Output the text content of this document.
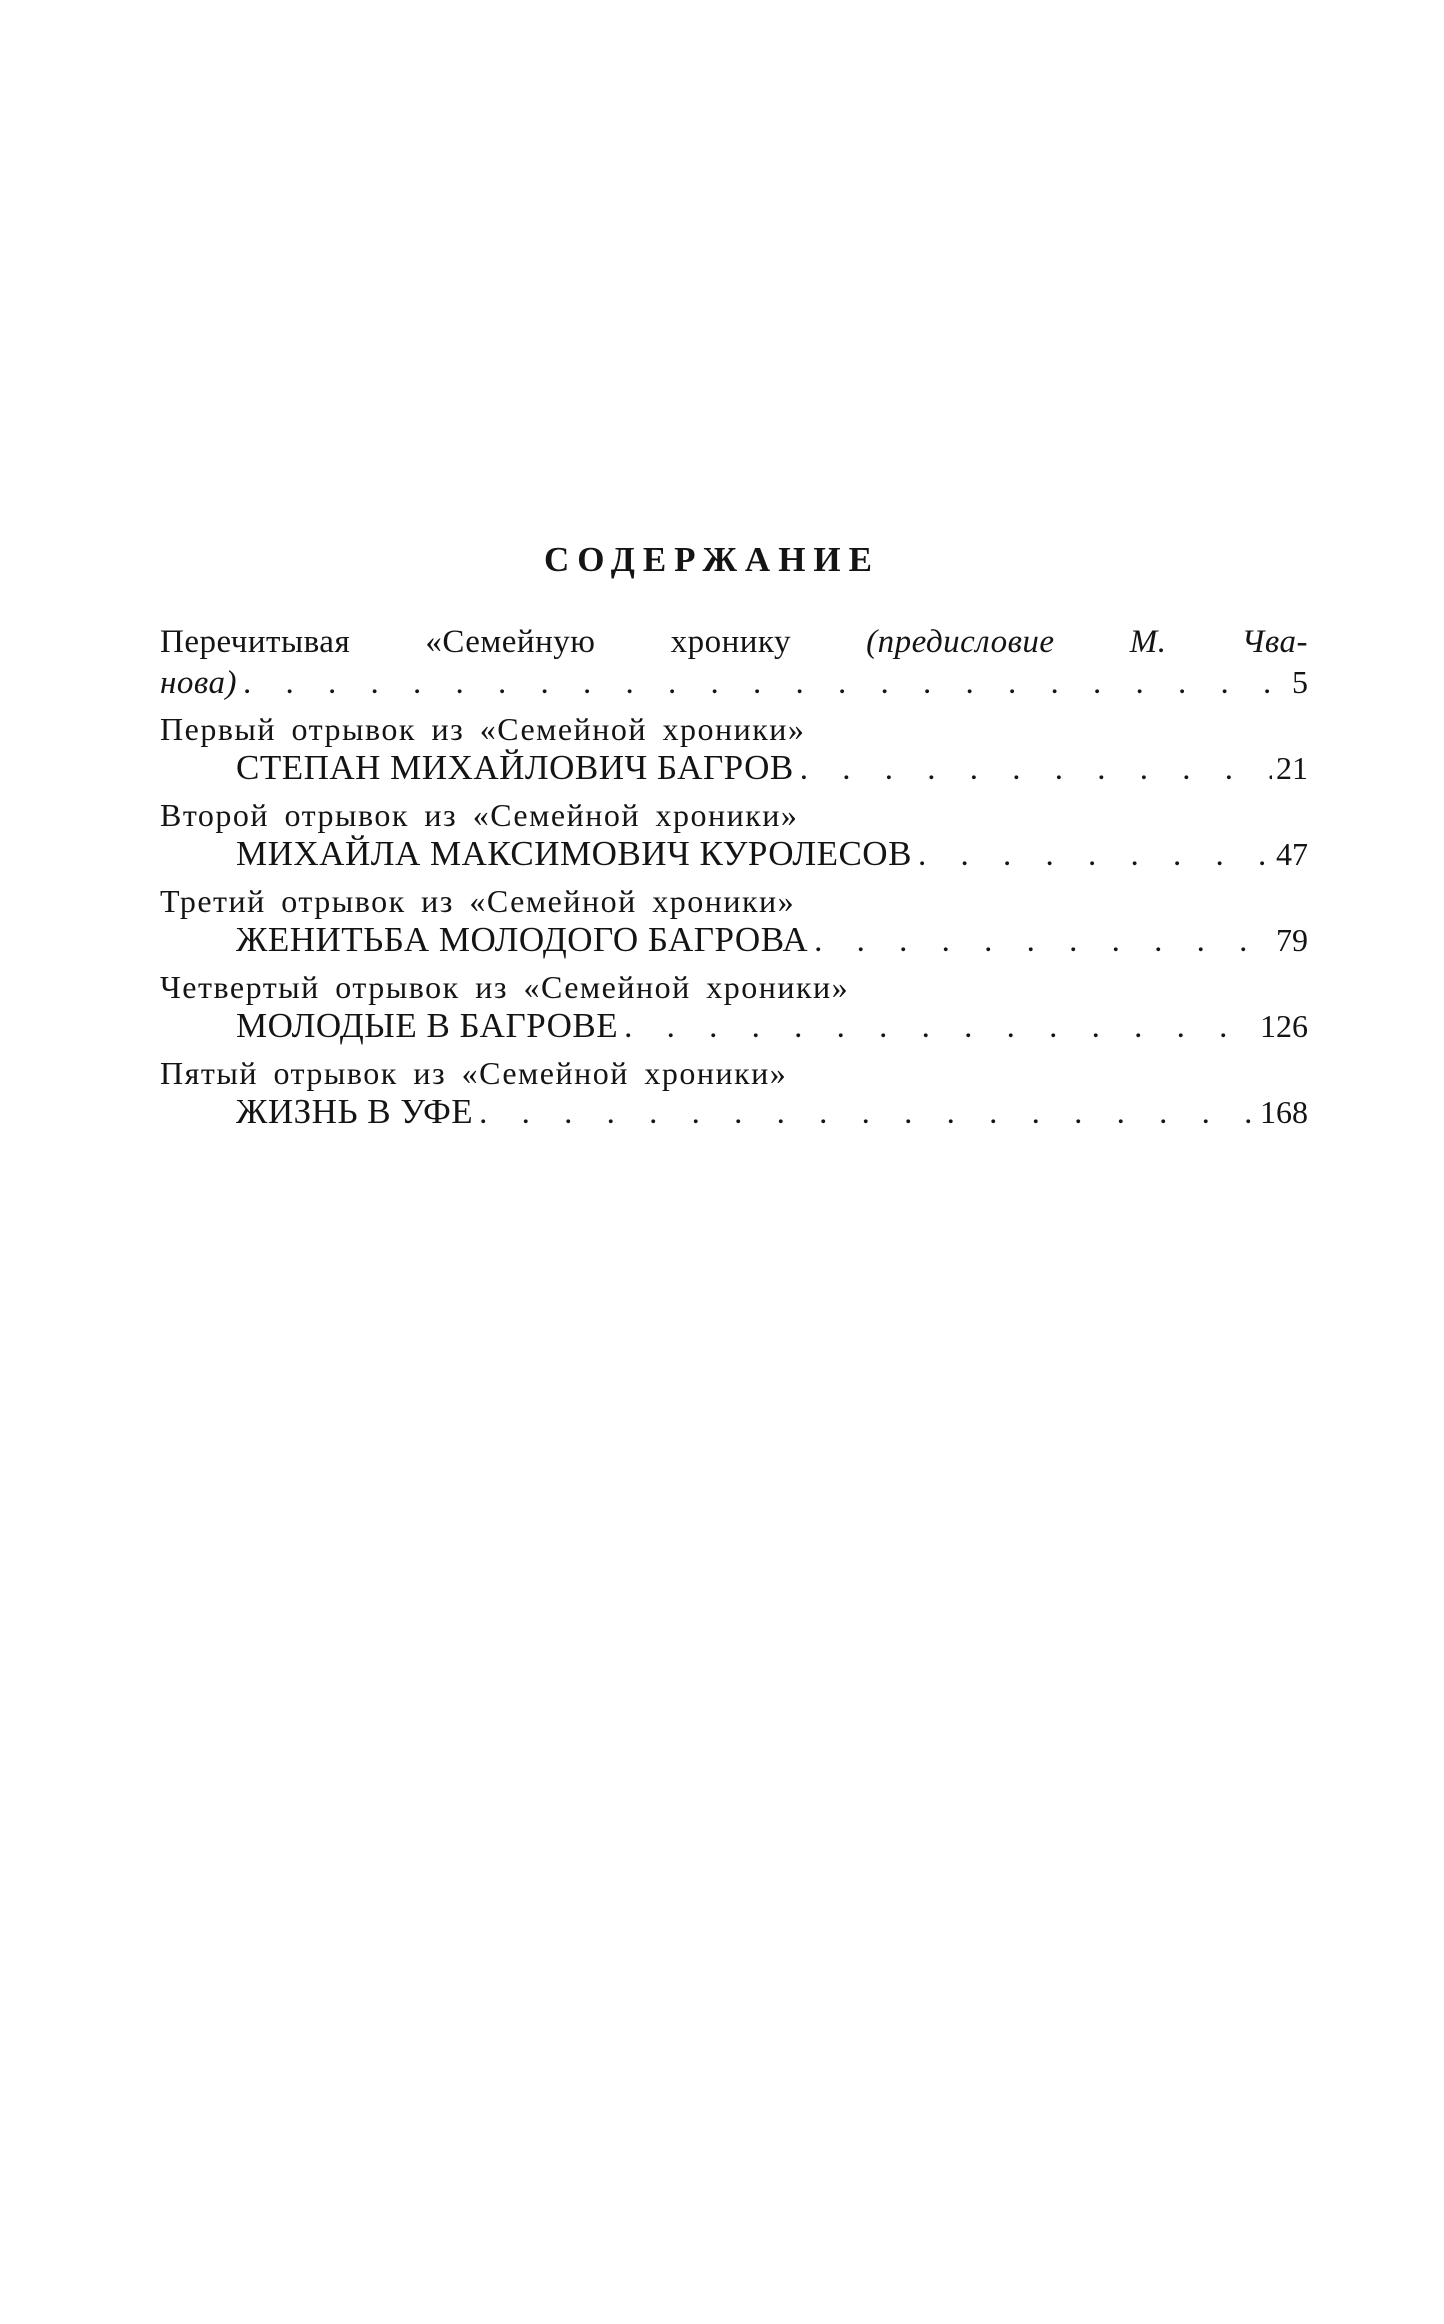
СОДЕРЖАНИЕ
Перечитывая «Семейную хронику (предисловие М. Чва-
нова) . . .	5
Первый отрывок из «Семейной хроники»
СТЕПАН МИХАЙЛОВИЧ БАГРОВ . . .	21
Второй отрывок из «Семейной хроники»
МИХАЙЛА МАКСИМОВИЧ КУРОЛЕСОВ . . .	47
Третий отрывок из «Семейной хроники»
ЖЕНИТЬБА МОЛОДОГО БАГРОВА . . .	79
Четвертый отрывок из «Семейной хроники»
МОЛОДЫЕ В БАГРОВЕ . . .	126
Пятый отрывок из «Семейной хроники»
ЖИЗНЬ В УФЕ . . .	168
